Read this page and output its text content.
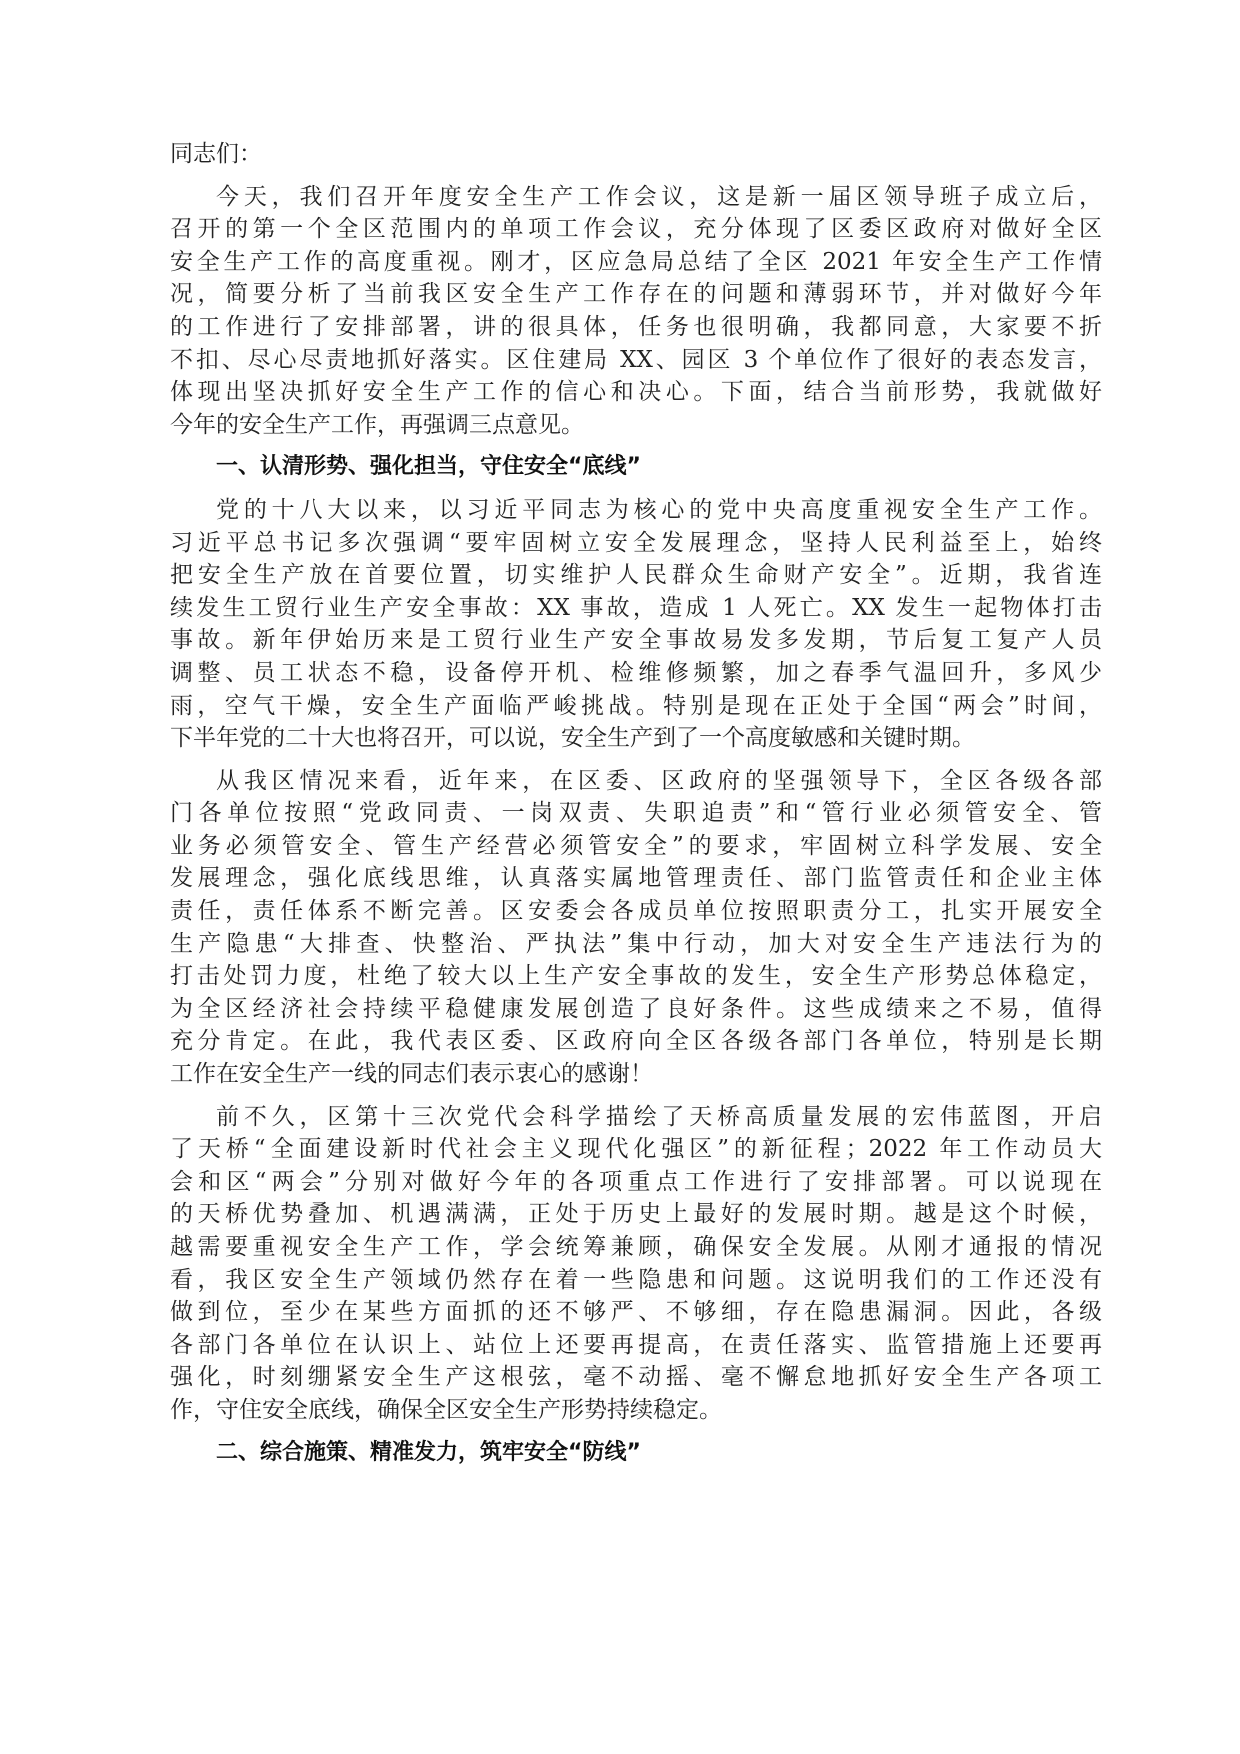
同志们：
今天，我们召开年度安全生产工作会议，这是新一届区领导班子成立后，
召开的第一个全区范围内的单项工作会议，充分体现了区委区政府对做好全区
安全生产工作的高度重视。刚才，区应急局总结了全区 2021 年安全生产工作情
况，简要分析了当前我区安全生产工作存在的问题和薄弱环节，并对做好今年
的工作进行了安排部署，讲的很具体，任务也很明确，我都同意，大家要不折
不扣、尽心尽责地抓好落实。区住建局 XX、园区 3 个单位作了很好的表态发言，
体现出坚决抓好安全生产工作的信心和决心。下面，结合当前形势，我就做好
今年的安全生产工作，再强调三点意见。
一、认清形势、强化担当，守住安全“底线”
党的十八大以来，以习近平同志为核心的党中央高度重视安全生产工作。
习近平总书记多次强调“要牢固树立安全发展理念，坚持人民利益至上，始终
把安全生产放在首要位置，切实维护人民群众生命财产安全”。近期，我省连
续发生工贸行业生产安全事故：XX 事故，造成 1 人死亡。XX 发生一起物体打击
事故。新年伊始历来是工贸行业生产安全事故易发多发期，节后复工复产人员
调整、员工状态不稳，设备停开机、检维修频繁，加之春季气温回升，多风少
雨，空气干燥，安全生产面临严峻挑战。特别是现在正处于全国“两会”时间，
下半年党的二十大也将召开，可以说，安全生产到了一个高度敏感和关键时期。
从我区情况来看，近年来，在区委、区政府的坚强领导下，全区各级各部
门各单位按照“党政同责、一岗双责、失职追责”和“管行业必须管安全、管
业务必须管安全、管生产经营必须管安全”的要求，牢固树立科学发展、安全
发展理念，强化底线思维，认真落实属地管理责任、部门监管责任和企业主体
责任，责任体系不断完善。区安委会各成员单位按照职责分工，扎实开展安全
生产隐患“大排查、快整治、严执法”集中行动，加大对安全生产违法行为的
打击处罚力度，杜绝了较大以上生产安全事故的发生，安全生产形势总体稳定，
为全区经济社会持续平稳健康发展创造了良好条件。这些成绩来之不易，值得
充分肯定。在此，我代表区委、区政府向全区各级各部门各单位，特别是长期
工作在安全生产一线的同志们表示衷心的感谢！
前不久，区第十三次党代会科学描绘了天桥高质量发展的宏伟蓝图，开启
了天桥“全面建设新时代社会主义现代化强区”的新征程；2022 年工作动员大
会和区“两会”分别对做好今年的各项重点工作进行了安排部署。可以说现在
的天桥优势叠加、机遇满满，正处于历史上最好的发展时期。越是这个时候，
越需要重视安全生产工作，学会统筹兼顾，确保安全发展。从刚才通报的情况
看，我区安全生产领域仍然存在着一些隐患和问题。这说明我们的工作还没有
做到位，至少在某些方面抓的还不够严、不够细，存在隐患漏洞。因此，各级
各部门各单位在认识上、站位上还要再提高，在责任落实、监管措施上还要再
强化，时刻绷紧安全生产这根弦，毫不动摇、毫不懈怠地抓好安全生产各项工
作，守住安全底线，确保全区安全生产形势持续稳定。
二、综合施策、精准发力，筑牢安全“防线”
